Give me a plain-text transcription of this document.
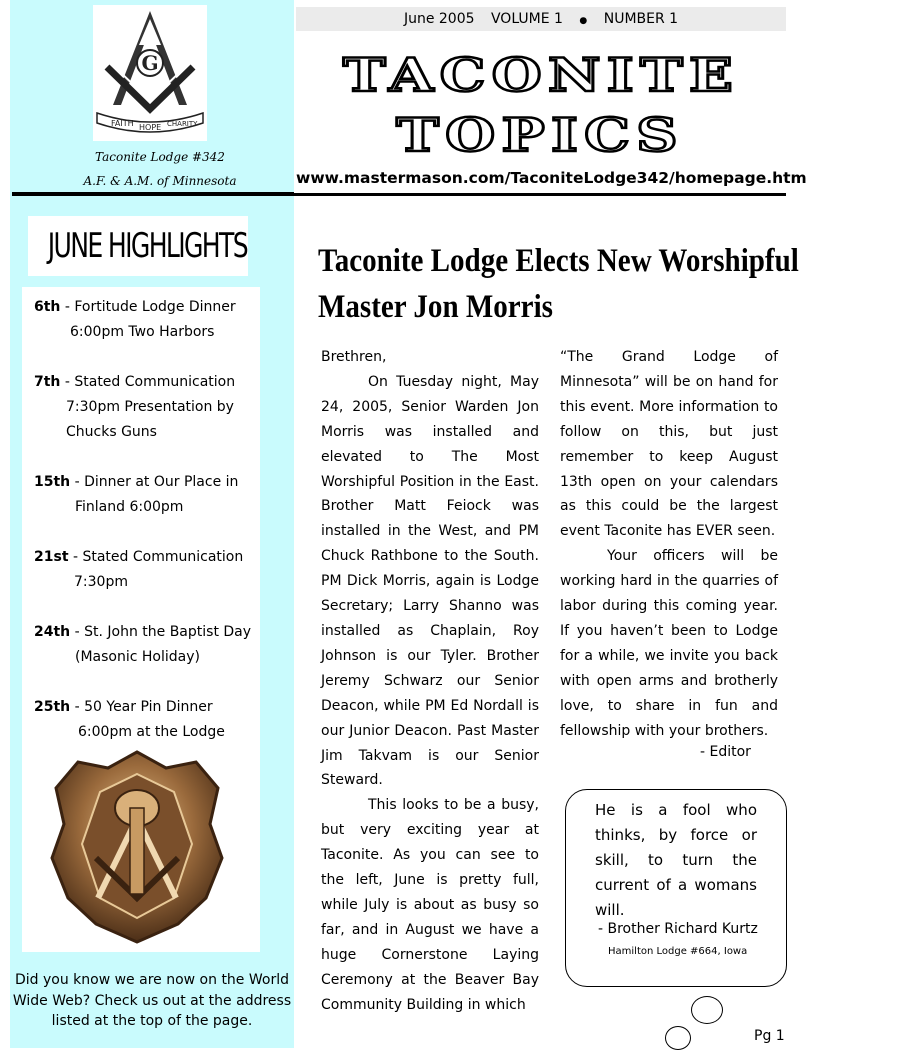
G
FAITH HOPE CHARITY
Taconite Lodge #342
A.F. & A.M. of Minnesota
JUNE HIGHLIGHTS
6th - Fortitude Lodge Dinner
6:00pm Two Harbors
7th - Stated Communication
7:30pm Presentation by
Chucks Guns
15th - Dinner at Our Place in
Finland 6:00pm
21st - Stated Communication
7:30pm
24th - St. John the Baptist Day
(Masonic Holiday)
25th - 50 Year Pin Dinner
6:00pm at the Lodge
Did you know we are now on the World Wide Web? Check us out at the address listed at the top of the page.
June 2005 VOLUME 1 ● NUMBER 1
TACONITE
TOPICS
www.mastermason.com/TaconiteLodge342/homepage.htm
Taconite Lodge Elects New Worshipful
Master Jon Morris

Brethren,

On Tuesday night, May 24, 2005, Senior Warden Jon Morris was installed and elevated to The Most Worshipful Position in the East. Brother Matt Feiock was installed in the West, and PM Chuck Rathbone to the South. PM Dick Morris, again is Lodge Secretary; Larry Shanno was installed as Chaplain, Roy Johnson is our Tyler. Brother Jeremy Schwarz our Senior Deacon, while PM Ed Nordall is our Junior Deacon. Past Master Jim Takvam is our Senior Steward.

This looks to be a busy, but very exciting year at Taconite. As you can see to the left, June is pretty full, while July is about as busy so far, and in August we have a huge Cornerstone Laying Ceremony at the Beaver Bay Community Building in which

“The Grand Lodge of Minnesota” will be on hand for this event. More information to follow on this, but just remember to keep August 13th open on your calendars as this could be the largest event Taconite has EVER seen.

Your officers will be working hard in the quarries of labor during this coming year. If you haven’t been to Lodge for a while, we invite you back with open arms and brotherly love, to share in fun and fellowship with your brothers.

- Editor
He is a fool who thinks, by force or skill, to turn the current of a womans will.
- Brother Richard Kurtz
Hamilton Lodge #664, Iowa
Pg 1
